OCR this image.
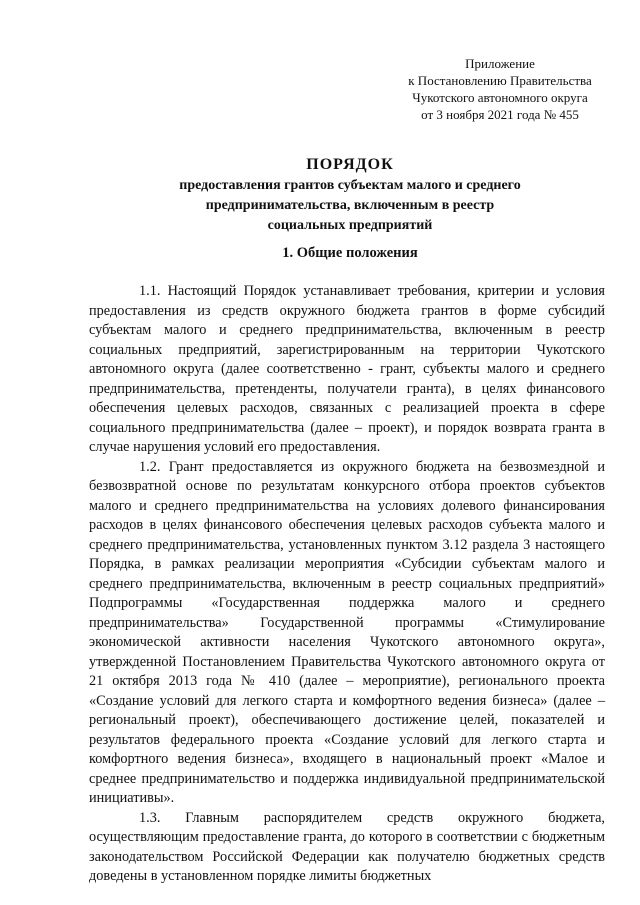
Приложение
к Постановлению Правительства
Чукотского автономного округа
от 3 ноября 2021 года № 455
ПОРЯДОК
предоставления грантов субъектам малого и среднего
предпринимательства, включенным в реестр
социальных предприятий
1. Общие положения

1.1. Настоящий Порядок устанавливает требования, критерии и условия предоставления из средств окружного бюджета грантов в форме субсидий субъектам малого и среднего предпринимательства, включенным в реестр социальных предприятий, зарегистрированным на территории Чукотского автономного округа (далее соответственно - грант, субъекты малого и среднего предпринимательства, претенденты, получатели гранта), в целях финансового обеспечения целевых расходов, связанных с реализацией проекта в сфере социального предпринимательства (далее – проект), и порядок возврата гранта в случае нарушения условий его предоставления.

1.2. Грант предоставляется из окружного бюджета на безвозмездной и безвозвратной основе по результатам конкурсного отбора проектов субъектов малого и среднего предпринимательства на условиях долевого финансирования расходов в целях финансового обеспечения целевых расходов субъекта малого и среднего предпринимательства, установленных пунктом 3.12 раздела 3 настоящего Порядка, в рамках реализации мероприятия «Субсидии субъектам малого и среднего предпринимательства, включенным в реестр социальных предприятий» Подпрограммы «Государственная поддержка малого и среднего предпринимательства» Государственной программы «Стимулирование экономической активности населения Чукотского автономного округа», утвержденной Постановлением Правительства Чукотского автономного округа от 21 октября 2013 года № 410 (далее – мероприятие), регионального проекта «Создание условий для легкого старта и комфортного ведения бизнеса» (далее – региональный проект), обеспечивающего достижение целей, показателей и результатов федерального проекта «Создание условий для легкого старта и комфортного ведения бизнеса», входящего в национальный проект «Малое и среднее предпринимательство и поддержка индивидуальной предпринимательской инициативы».

1.3. Главным распорядителем средств окружного бюджета, осуществляющим предоставление гранта, до которого в соответствии с бюджетным законодательством Российской Федерации как получателю бюджетных средств доведены в установленном порядке лимиты бюджетных
